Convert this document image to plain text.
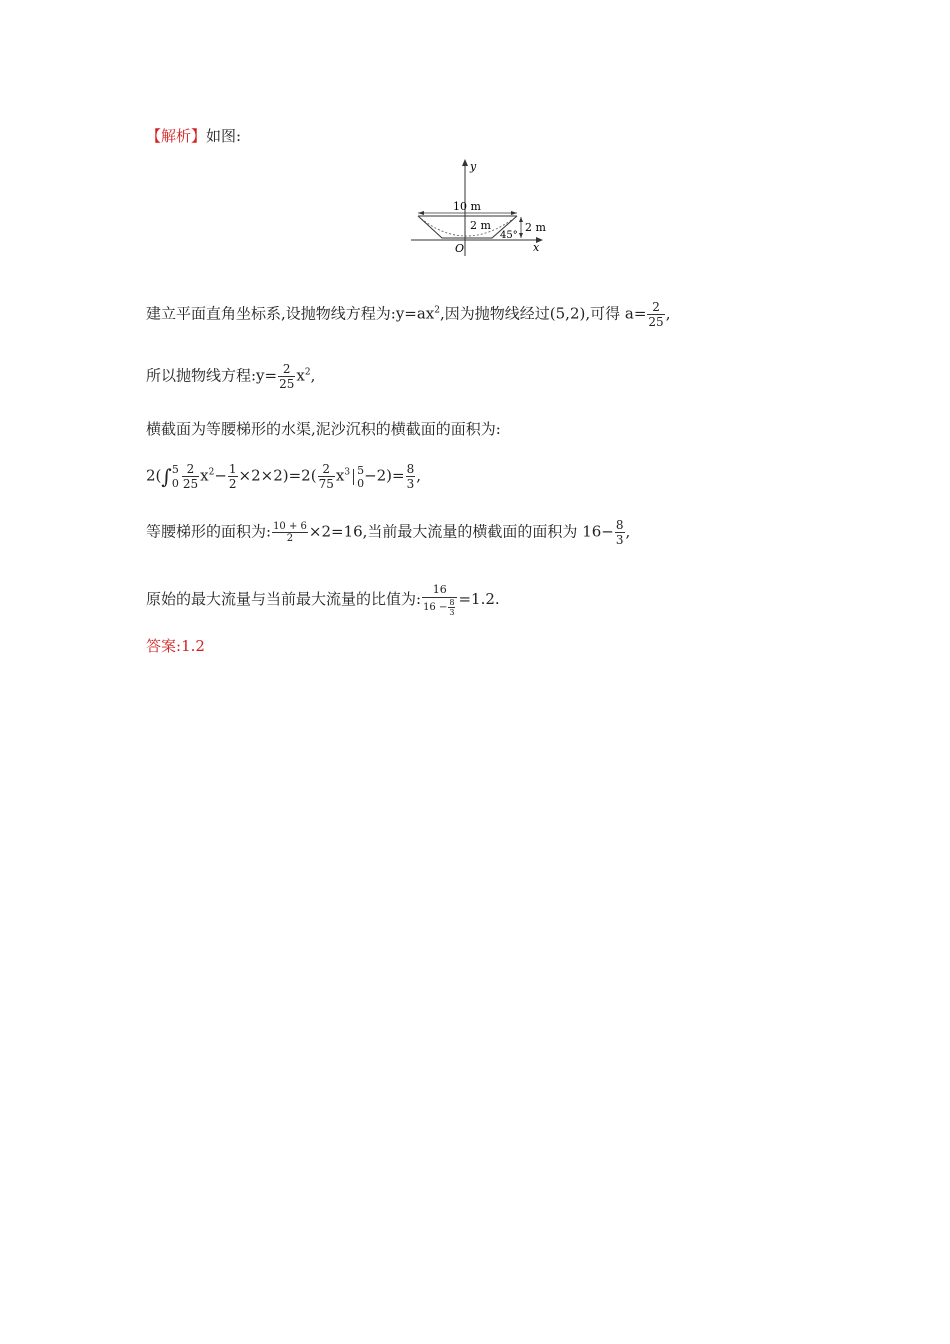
【解析】如图:
y
x
O
10 m
2 m	2 m
45°
建立平面直角坐标系,设抛物线方程为$:y=ax^2$,因为抛物线经过(5,2),可得 $a= \frac{2}{25}$ ,
所以抛物线方程:y= $\frac{2}{25} x^2$,
横截面为等腰梯形的水渠,泥沙沉积的横截面的面积为:
2(∫ 5
$0 \frac{2}{25} x^2- \frac{1}{2} \times 2\times 2)=2( \frac{2}{75} x^3$ 5
$0 -2)= \frac{8}{3}$ ,
等腰梯形的面积为: $\frac{10 + 6}{2} \times 2=16$,当前最大流量的横截面的面积为 $16- \frac{8}{3}$ ,
原始的最大流量与当前最大流量的比值为: $\frac{16}{16 - \frac{8}{3}} =1.2$.
答案:1.2
